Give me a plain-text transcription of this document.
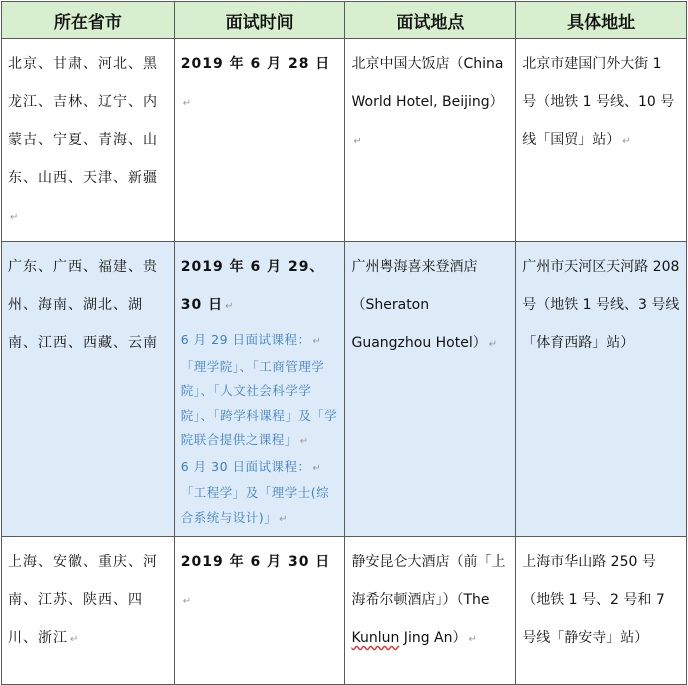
所在省市	面试时间	面试地点	具体地址

北京、甘肃、河北、黑龙江、吉林、辽宁、内蒙古、宁夏、青海、山东、山西、天津、新疆↵	2019 年 6 月 28 日↵	北京中国大饭店（China World Hotel, Beijing）↵	北京市建国门外大街 1 号（地铁 1 号线、10 号线「国贸」站） ↵

广东、广西、福建、贵州、海南、湖北、湖南、江西、西藏、云南	2019 年 6 月 29、30 日 ↵
6 月 29 日面试课程： ↵
「理学院」、「工商管理学院」、「人文社会科学学院」、「跨学科课程」及「学院联合提供之课程」 ↵
6 月 30 日面试课程： ↵
「工程学」及「理学士(综合系统与设计)」 ↵	广州粤海喜来登酒店（Sheraton Guangzhou Hotel） ↵	广州市天河区天河路 208 号（地铁 1 号线、3 号线「体育西路」站）

上海、安徽、重庆、河南、江苏、陕西、四川、浙江 ↵	2019 年 6 月 30 日↵	静安昆仑大酒店（前「上海希尔顿酒店」）（The Kunlun Jing An） ↵	上海市华山路 250 号（地铁 1 号、2 号和 7 号线「静安寺」站）
